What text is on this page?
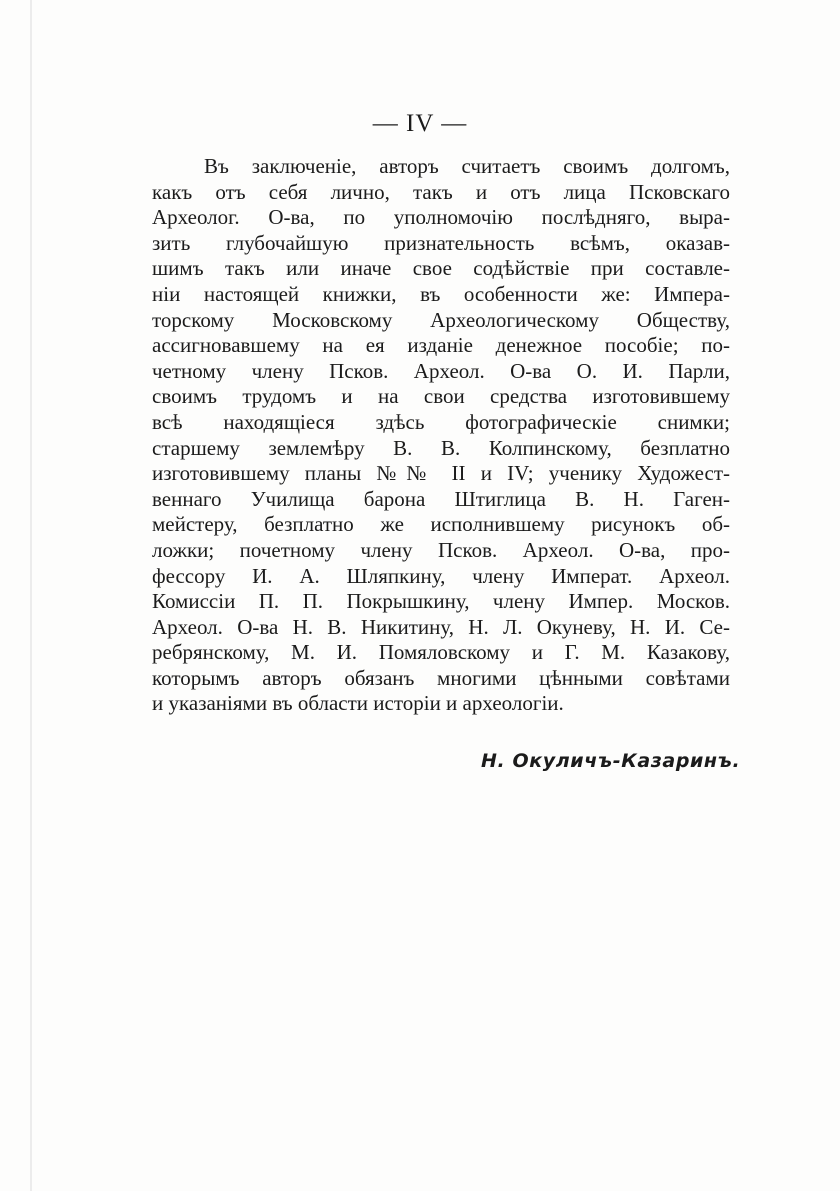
— IV —
Въ заключеніе, авторъ считаетъ своимъ долгомъ,
какъ отъ себя лично, такъ и отъ лица Псковскаго
Археолог. О-ва, по уполномочію послѣдняго, выра-
зить глубочайшую признательность всѣмъ, оказав-
шимъ такъ или иначе свое содѣйствіе при составле-
ніи настоящей книжки, въ особенности же: Импера-
торскому Московскому Археологическому Обществу,
ассигновавшему на ея изданіе денежное пособіе; по-
четному члену Псков. Археол. О-ва О. И. Парли,
своимъ трудомъ и на свои средства изготовившему
всѣ находящіеся здѣсь фотографическіе снимки;
старшему землемѣру В. В. Колпинскому, безплатно
изготовившему планы №№ II и IV; ученику Художест-
веннаго Училища барона Штиглица В. Н. Гаген-
мейстеру, безплатно же исполнившему рисунокъ об-
ложки; почетному члену Псков. Археол. О-ва, про-
фессору И. А. Шляпкину, члену Императ. Археол.
Комиссіи П. П. Покрышкину, члену Импер. Москов.
Археол. О-ва Н. В. Никитину, Н. Л. Окуневу, Н. И. Се-
ребрянскому, М. И. Помяловскому и Г. М. Казакову,
которымъ авторъ обязанъ многими цѣнными совѣтами
и указаніями въ области исторіи и археологіи.
Н. Окуличъ-Казаринъ.
